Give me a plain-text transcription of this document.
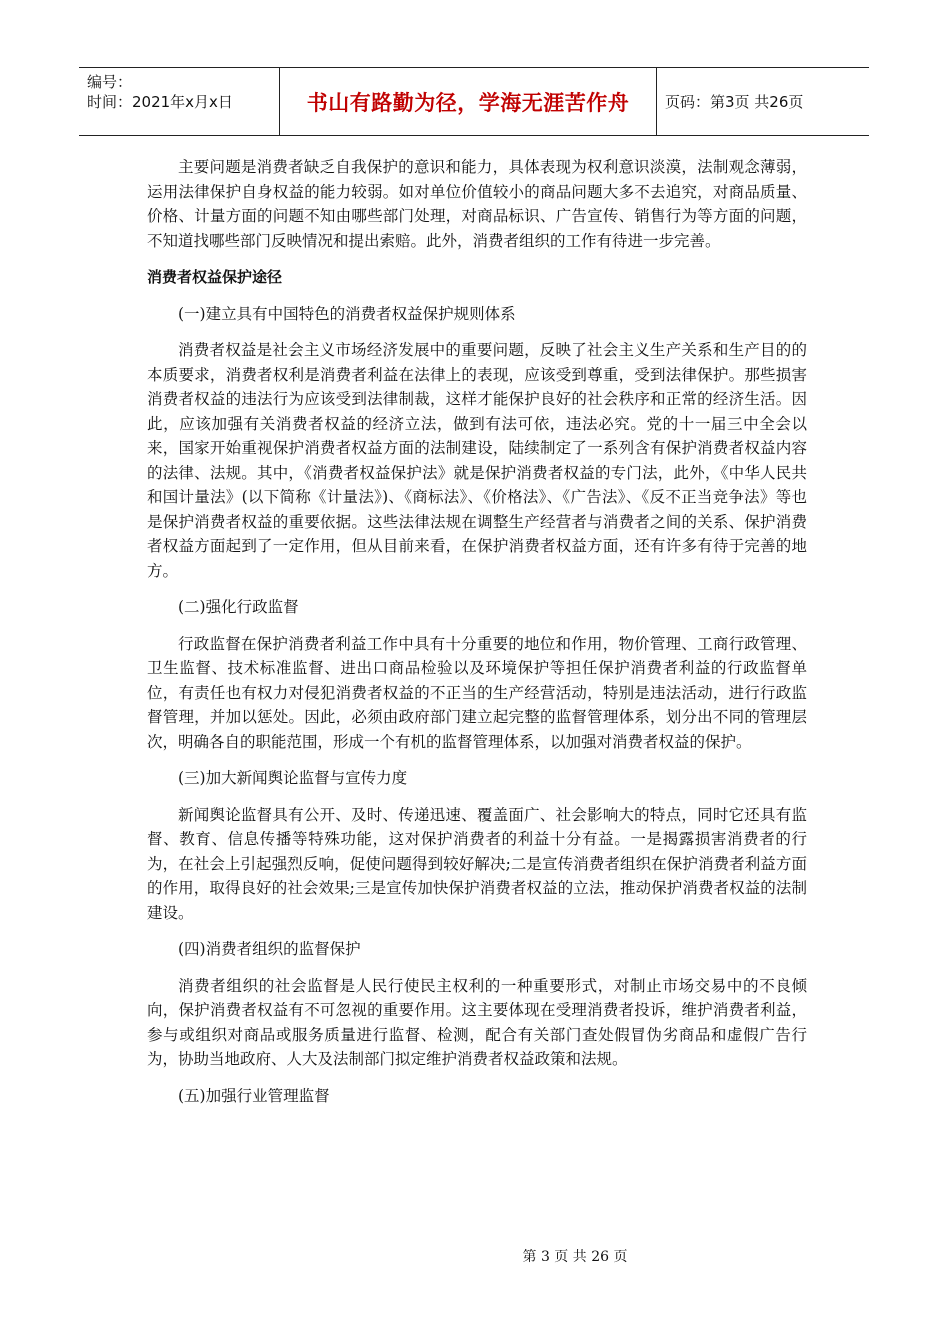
编号：
时间：2021年x月x日	书山有路勤为径，学海无涯苦作舟	页码：第3页 共26页

主要问题是消费者缺乏自我保护的意识和能力，具体表现为权利意识淡漠，法制观念薄弱，运用法律保护自身权益的能力较弱。如对单位价值较小的商品问题大多不去追究，对商品质量、价格、计量方面的问题不知由哪些部门处理，对商品标识、广告宣传、销售行为等方面的问题，不知道找哪些部门反映情况和提出索赔。此外，消费者组织的工作有待进一步完善。

消费者权益保护途径

(一)建立具有中国特色的消费者权益保护规则体系

消费者权益是社会主义市场经济发展中的重要问题，反映了社会主义生产关系和生产目的的本质要求，消费者权利是消费者利益在法律上的表现，应该受到尊重，受到法律保护。那些损害消费者权益的违法行为应该受到法律制裁，这样才能保护良好的社会秩序和正常的经济生活。因此，应该加强有关消费者权益的经济立法，做到有法可依，违法必究。党的十一届三中全会以来，国家开始重视保护消费者权益方面的法制建设，陆续制定了一系列含有保护消费者权益内容的法律、法规。其中，《消费者权益保护法》就是保护消费者权益的专门法，此外，《中华人民共和国计量法》(以下简称《计量法》)、《商标法》、《价格法》、《广告法》、《反不正当竞争法》等也是保护消费者权益的重要依据。这些法律法规在调整生产经营者与消费者之间的关系、保护消费者权益方面起到了一定作用，但从目前来看，在保护消费者权益方面，还有许多有待于完善的地方。

(二)强化行政监督

行政监督在保护消费者利益工作中具有十分重要的地位和作用，物价管理、工商行政管理、卫生监督、技术标准监督、进出口商品检验以及环境保护等担任保护消费者利益的行政监督单位，有责任也有权力对侵犯消费者权益的不正当的生产经营活动，特别是违法活动，进行行政监督管理，并加以惩处。因此，必须由政府部门建立起完整的监督管理体系，划分出不同的管理层次，明确各自的职能范围，形成一个有机的监督管理体系，以加强对消费者权益的保护。

(三)加大新闻舆论监督与宣传力度

新闻舆论监督具有公开、及时、传递迅速、覆盖面广、社会影响大的特点，同时它还具有监督、教育、信息传播等特殊功能，这对保护消费者的利益十分有益。一是揭露损害消费者的行为，在社会上引起强烈反响，促使问题得到较好解决;二是宣传消费者组织在保护消费者利益方面的作用，取得良好的社会效果;三是宣传加快保护消费者权益的立法，推动保护消费者权益的法制建设。

(四)消费者组织的监督保护

消费者组织的社会监督是人民行使民主权利的一种重要形式，对制止市场交易中的不良倾向，保护消费者权益有不可忽视的重要作用。这主要体现在受理消费者投诉，维护消费者利益，参与或组织对商品或服务质量进行监督、检测，配合有关部门查处假冒伪劣商品和虚假广告行为，协助当地政府、人大及法制部门拟定维护消费者权益政策和法规。

(五)加强行业管理监督

第 3 页 共 26 页
